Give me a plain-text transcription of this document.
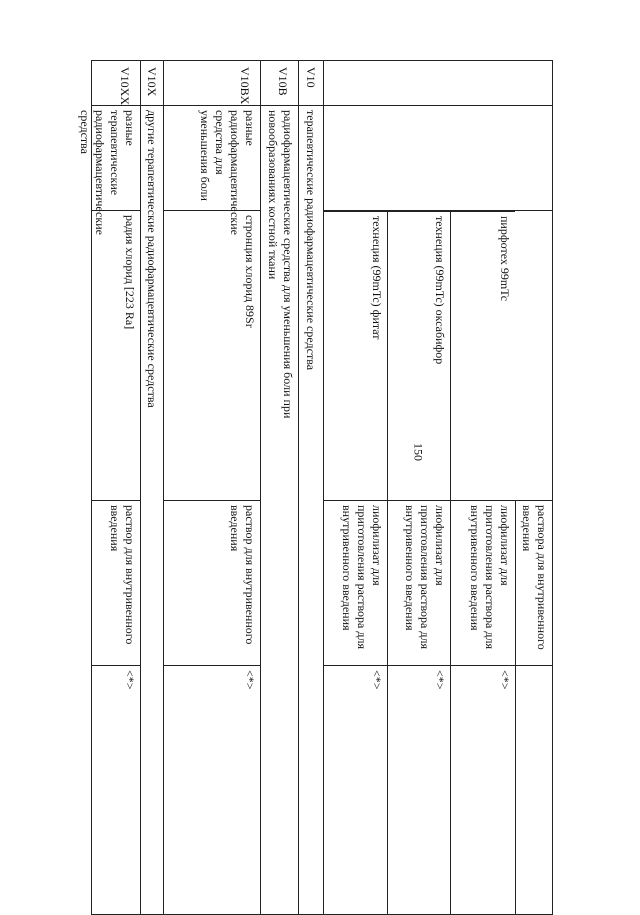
150
раствора для внутривенного введения
пирфотех 99mTc
лиофилизат для приготовления раствора для внутривенного введения
<*>
технеция (99mTc) оксабифор
лиофилизат для приготовления раствора для внутривенного введения
<*>
технеция (99mTc) фитат
лиофилизат для приготовления раствора для внутривенного введения
<*>
V10
терапевтические радиофармацевтические средства
V10B
радиофармацевтические средства для уменьшения боли при новообразованиях костной ткани
V10BX
разные радиофармацевтические средства для уменьшения боли
стронция хлорид 89Sr
раствор для внутривенного введения
<*>
V10X
другие терапевтические радиофармацевтические средства
V10XX
разные терапевтические радиофармацевтические средства
радия хлорид [223 Ra]
раствор для внутривенного введения
<*>
